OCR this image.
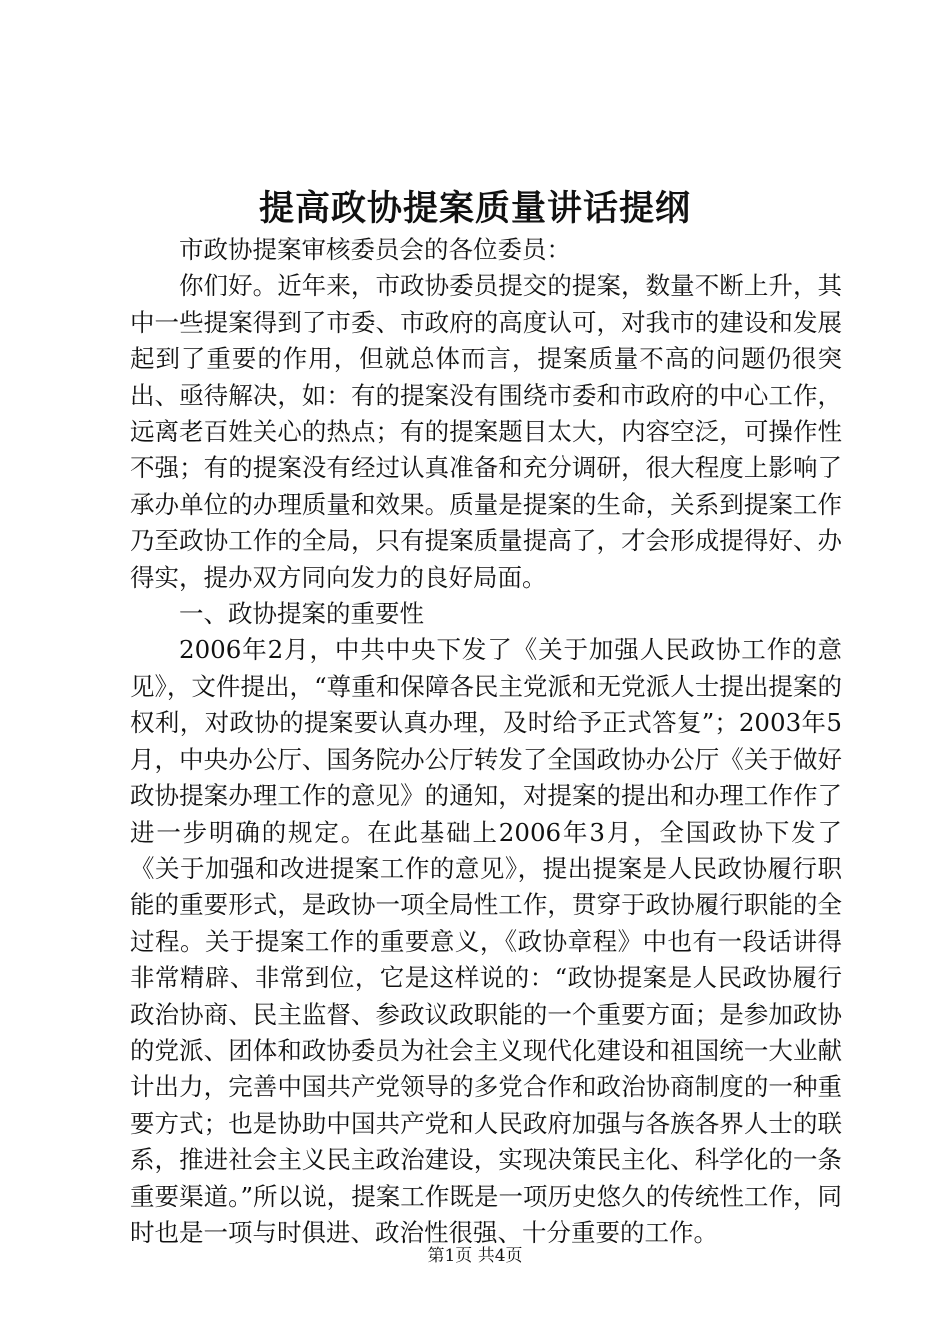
提高政协提案质量讲话提纲

市政协提案审核委员会的各位委员：

你们好。近年来，市政协委员提交的提案，数量不断上升，其中一些提案得到了市委、市政府的高度认可，对我市的建设和发展起到了重要的作用，但就总体而言，提案质量不高的问题仍很突出、亟待解决，如：有的提案没有围绕市委和市政府的中心工作，远离老百姓关心的热点；有的提案题目太大，内容空泛，可操作性不强；有的提案没有经过认真准备和充分调研，很大程度上影响了承办单位的办理质量和效果。质量是提案的生命，关系到提案工作乃至政协工作的全局，只有提案质量提高了，才会形成提得好、办得实，提办双方同向发力的良好局面。

一、政协提案的重要性

2006年2月，中共中央下发了《关于加强人民政协工作的意见》，文件提出，“尊重和保障各民主党派和无党派人士提出提案的权利，对政协的提案要认真办理，及时给予正式答复”；2003年5月，中央办公厅、国务院办公厅转发了全国政协办公厅《关于做好政协提案办理工作的意见》的通知，对提案的提出和办理工作作了进一步明确的规定。在此基础上2006年3月，全国政协下发了《关于加强和改进提案工作的意见》，提出提案是人民政协履行职能的重要形式，是政协一项全局性工作，贯穿于政协履行职能的全过程。关于提案工作的重要意义，《政协章程》中也有一段话讲得非常精辟、非常到位，它是这样说的：“政协提案是人民政协履行政治协商、民主监督、参政议政职能的一个重要方面；是参加政协的党派、团体和政协委员为社会主义现代化建设和祖国统一大业献计出力，完善中国共产党领导的多党合作和政治协商制度的一种重要方式；也是协助中国共产党和人民政府加强与各族各界人士的联系，推进社会主义民主政治建设，实现决策民主化、科学化的一条重要渠道。”所以说，提案工作既是一项历史悠久的传统性工作，同时也是一项与时俱进、政治性很强、十分重要的工作。

第1页 共4页
